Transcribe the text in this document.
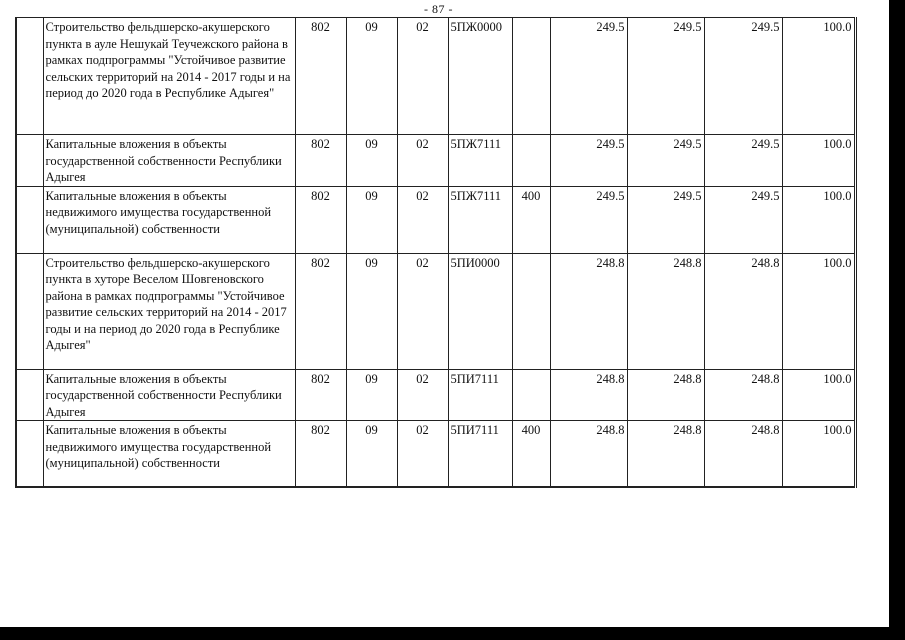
- 87 -
	Строительство фельдшерско-акушерского пункта в ауле Нешукай Теучежского района в рамках подпрограммы "Устойчивое развитие сельских территорий на 2014 - 2017 годы и на период до 2020 года в Республике Адыгея"	802	09	02	5ПЖ0000		249.5	249.5	249.5	100.0
	Капитальные вложения в объекты государственной собственности Республики Адыгея	802	09	02	5ПЖ7111		249.5	249.5	249.5	100.0
	Капитальные вложения в объекты недвижимого имущества государственной (муниципальной) собственности	802	09	02	5ПЖ7111	400	249.5	249.5	249.5	100.0
	Строительство фельдшерско-акушерского пункта в хуторе Веселом Шовгеновского района в рамках подпрограммы "Устойчивое развитие сельских территорий на 2014 - 2017 годы и на период до 2020 года в Республике Адыгея"	802	09	02	5ПИ0000		248.8	248.8	248.8	100.0
	Капитальные вложения в объекты государственной собственности Республики Адыгея	802	09	02	5ПИ7111		248.8	248.8	248.8	100.0
	Капитальные вложения в объекты недвижимого имущества государственной (муниципальной) собственности	802	09	02	5ПИ7111	400	248.8	248.8	248.8	100.0
